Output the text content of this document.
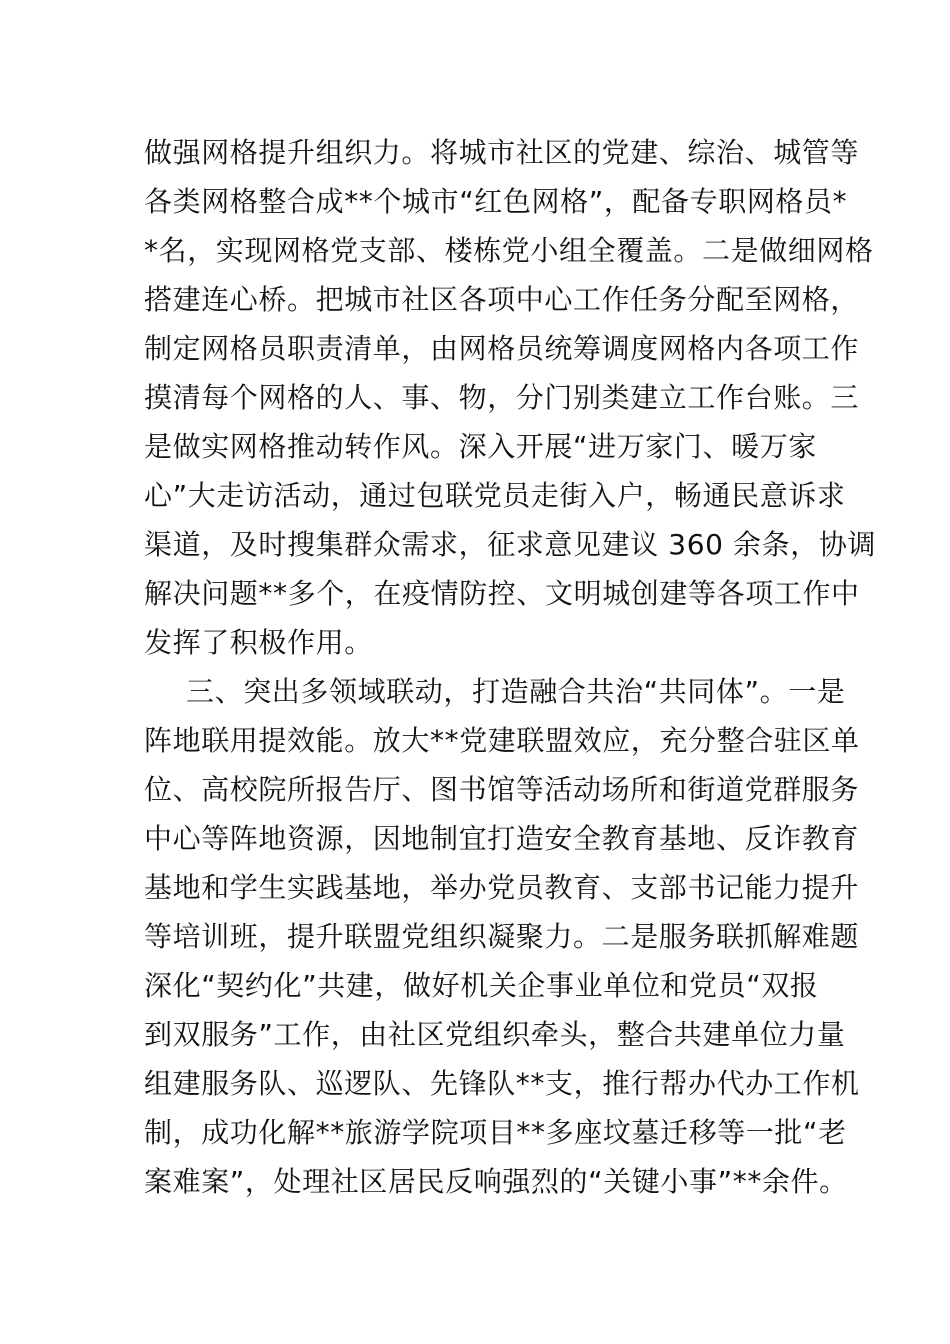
做强网格提升组织力。将城市社区的党建、综治、城管等
各类网格整合成**个城市“红色网格”，配备专职网格员*
*名，实现网格党支部、楼栋党小组全覆盖。二是做细网格
搭建连心桥。把城市社区各项中心工作任务分配至网格，
制定网格员职责清单，由网格员统筹调度网格内各项工作
摸清每个网格的人、事、物，分门别类建立工作台账。三
是做实网格推动转作风。深入开展“进万家门、暖万家
心”大走访活动，通过包联党员走街入户，畅通民意诉求
渠道，及时搜集群众需求，征求意见建议 360 余条，协调
解决问题**多个，在疫情防控、文明城创建等各项工作中
发挥了积极作用。
三、突出多领域联动，打造融合共治“共同体”。一是
阵地联用提效能。放大**党建联盟效应，充分整合驻区单
位、高校院所报告厅、图书馆等活动场所和街道党群服务
中心等阵地资源，因地制宜打造安全教育基地、反诈教育
基地和学生实践基地，举办党员教育、支部书记能力提升
等培训班，提升联盟党组织凝聚力。二是服务联抓解难题
深化“契约化”共建，做好机关企事业单位和党员“双报
到双服务”工作，由社区党组织牵头，整合共建单位力量
组建服务队、巡逻队、先锋队**支，推行帮办代办工作机
制，成功化解**旅游学院项目**多座坟墓迁移等一批“老
案难案”，处理社区居民反响强烈的“关键小事”**余件。
